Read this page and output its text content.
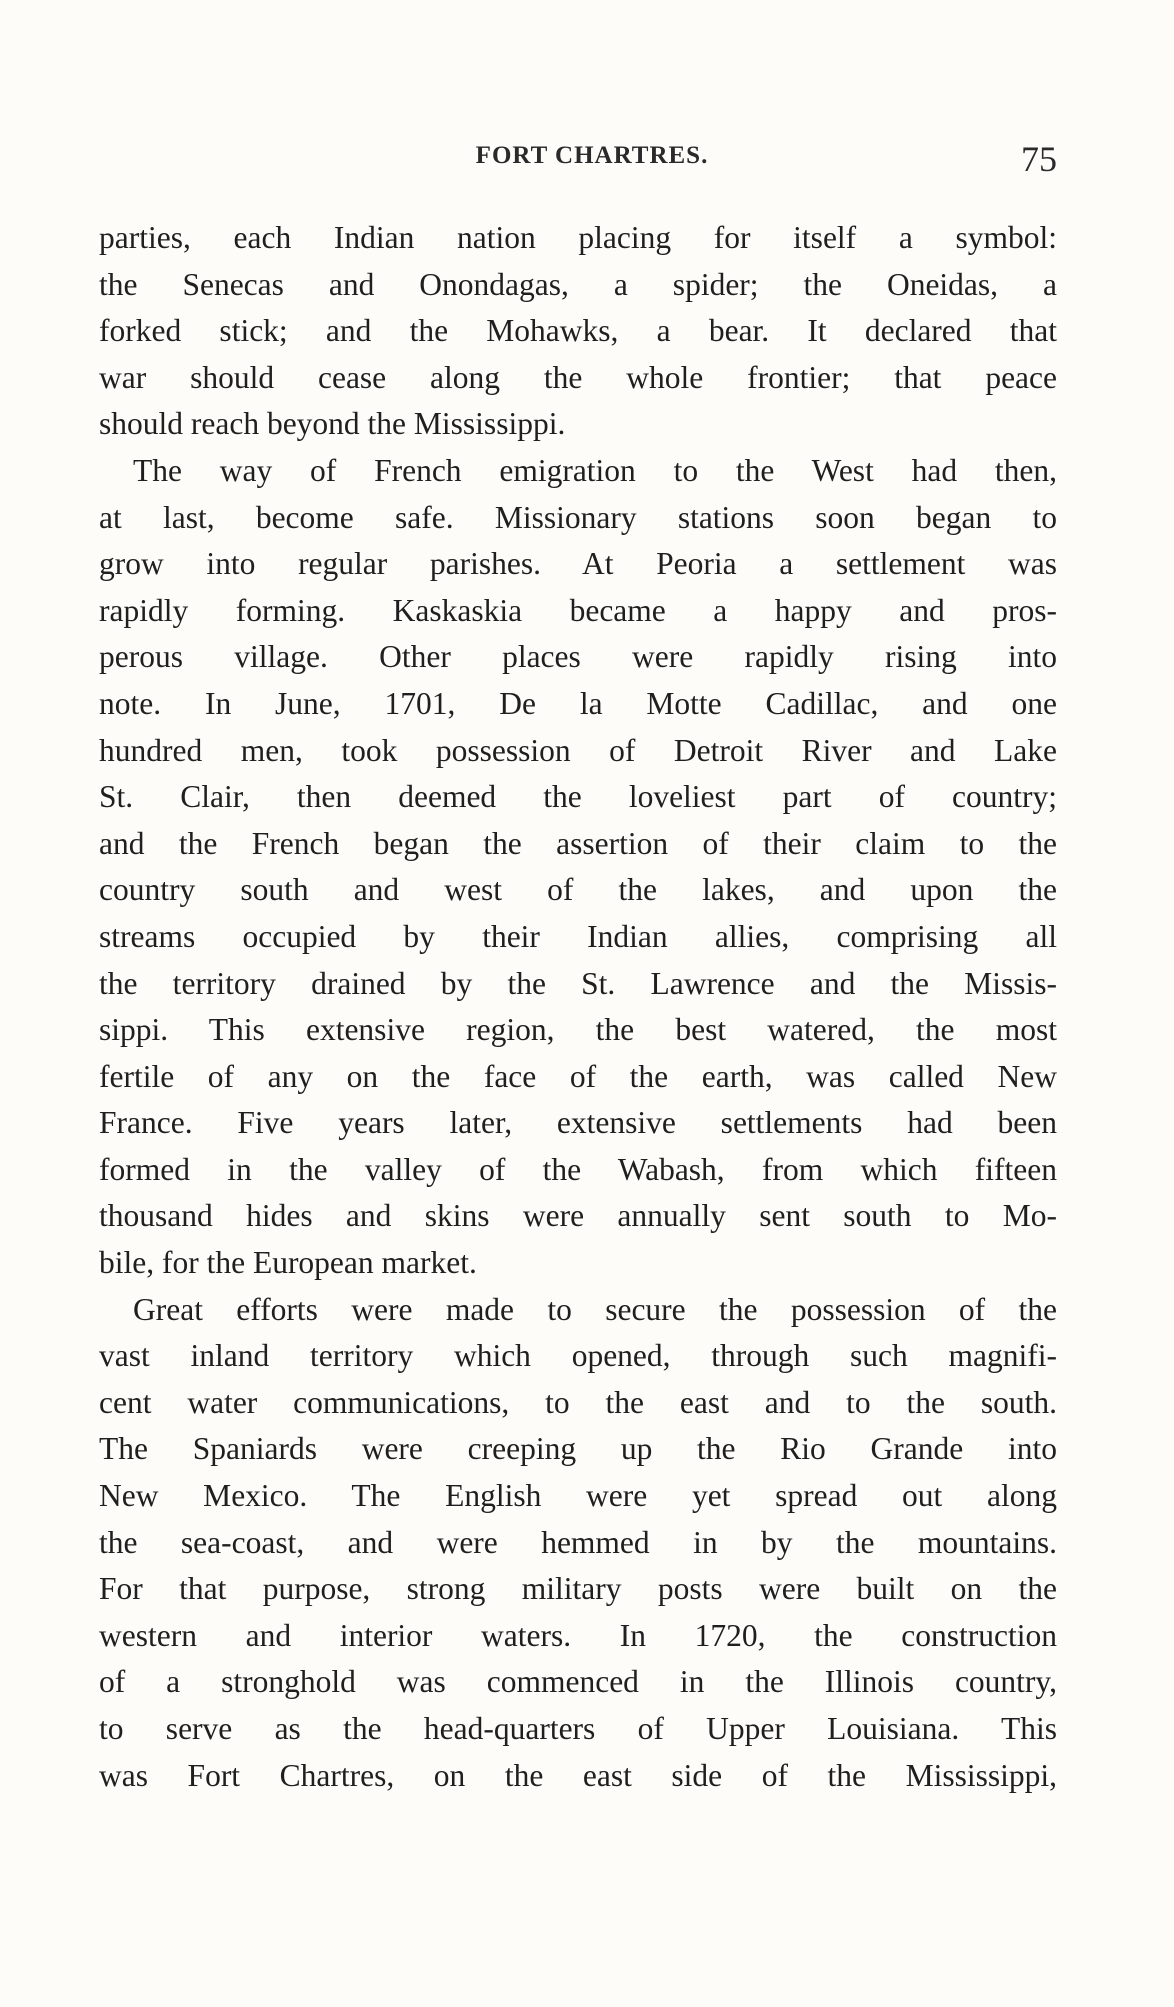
FORT CHARTRES.	75
parties, each Indian nation placing for itself a symbol:
the Senecas and Onondagas, a spider; the Oneidas, a
forked stick; and the Mohawks, a bear. It declared that
war should cease along the whole frontier; that peace
should reach beyond the Mississippi.
The way of French emigration to the West had then,
at last, become safe. Missionary stations soon began to
grow into regular parishes. At Peoria a settlement was
rapidly forming. Kaskaskia became a happy and pros-
perous village. Other places were rapidly rising into
note. In June, 1701, De la Motte Cadillac, and one
hundred men, took possession of Detroit River and Lake
St. Clair, then deemed the loveliest part of country;
and the French began the assertion of their claim to the
country south and west of the lakes, and upon the
streams occupied by their Indian allies, comprising all
the territory drained by the St. Lawrence and the Missis-
sippi. This extensive region, the best watered, the most
fertile of any on the face of the earth, was called New
France. Five years later, extensive settlements had been
formed in the valley of the Wabash, from which fifteen
thousand hides and skins were annually sent south to Mo-
bile, for the European market.
Great efforts were made to secure the possession of the
vast inland territory which opened, through such magnifi-
cent water communications, to the east and to the south.
The Spaniards were creeping up the Rio Grande into
New Mexico. The English were yet spread out along
the sea-coast, and were hemmed in by the mountains.
For that purpose, strong military posts were built on the
western and interior waters. In 1720, the construction
of a stronghold was commenced in the Illinois country,
to serve as the head-quarters of Upper Louisiana. This
was Fort Chartres, on the east side of the Mississippi,
